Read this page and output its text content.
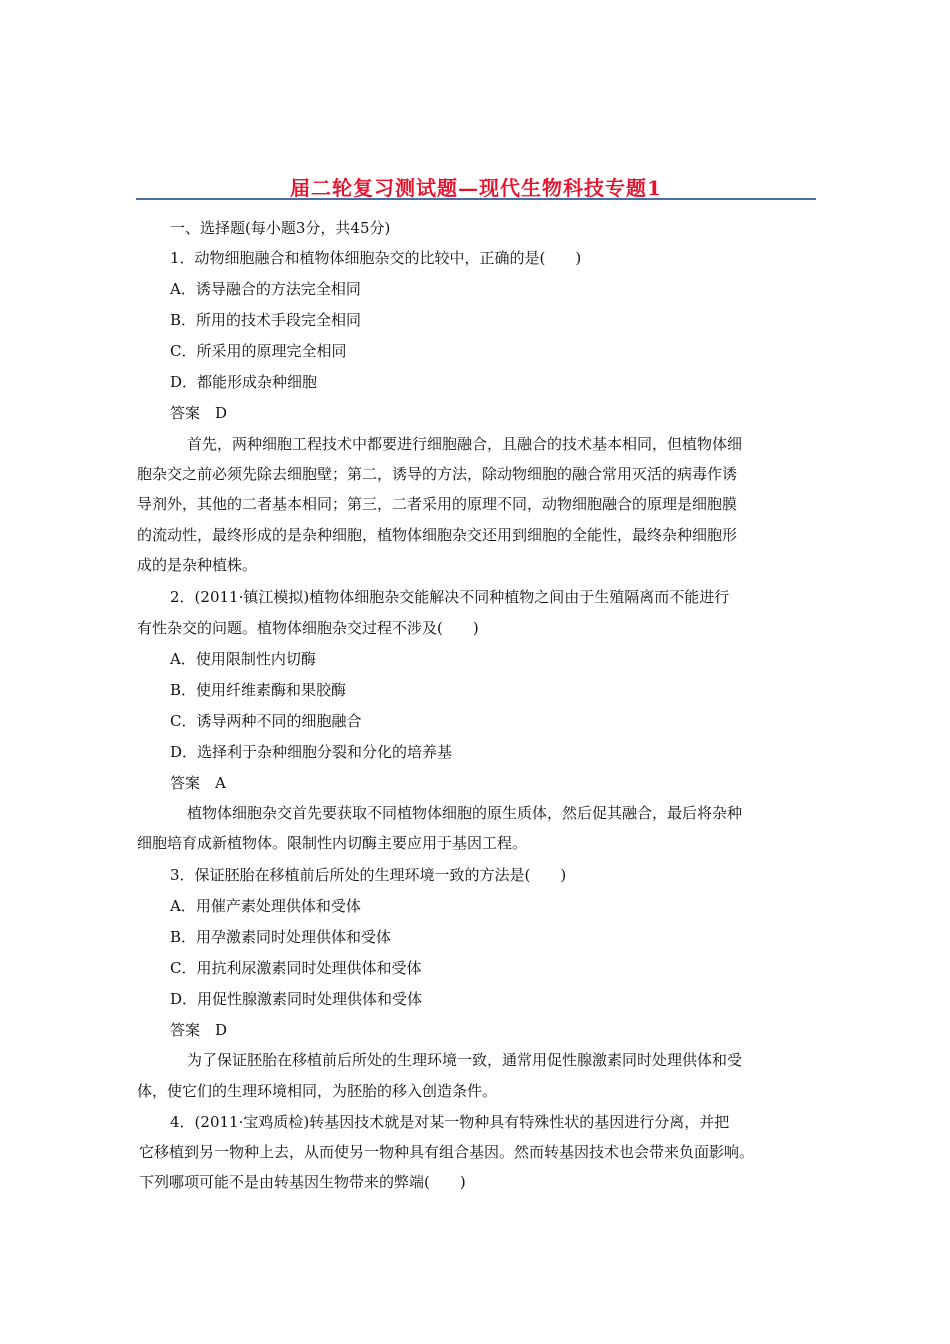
届二轮复习测试题—现代生物科技专题1
一、选择题(每小题3分，共45分)
1．动物细胞融合和植物体细胞杂交的比较中，正确的是(　　)
A．诱导融合的方法完全相同
B．所用的技术手段完全相同
C．所采用的原理完全相同
D．都能形成杂种细胞
答案　D
首先，两种细胞工程技术中都要进行细胞融合，且融合的技术基本相同，但植物体细
胞杂交之前必须先除去细胞壁；第二，诱导的方法，除动物细胞的融合常用灭活的病毒作诱
导剂外，其他的二者基本相同；第三，二者采用的原理不同，动物细胞融合的原理是细胞膜
的流动性，最终形成的是杂种细胞，植物体细胞杂交还用到细胞的全能性，最终杂种细胞形
成的是杂种植株。
2．(2011·镇江模拟)植物体细胞杂交能解决不同种植物之间由于生殖隔离而不能进行
有性杂交的问题。植物体细胞杂交过程不涉及(　　)
A．使用限制性内切酶
B．使用纤维素酶和果胶酶
C．诱导两种不同的细胞融合
D．选择利于杂种细胞分裂和分化的培养基
答案　A
植物体细胞杂交首先要获取不同植物体细胞的原生质体，然后促其融合，最后将杂种
细胞培育成新植物体。限制性内切酶主要应用于基因工程。
3．保证胚胎在移植前后所处的生理环境一致的方法是(　　)
A．用催产素处理供体和受体
B．用孕激素同时处理供体和受体
C．用抗利尿激素同时处理供体和受体
D．用促性腺激素同时处理供体和受体
答案　D
为了保证胚胎在移植前后所处的生理环境一致，通常用促性腺激素同时处理供体和受
体，使它们的生理环境相同，为胚胎的移入创造条件。
4．(2011·宝鸡质检)转基因技术就是对某一物种具有特殊性状的基因进行分离，并把
它移植到另一物种上去，从而使另一物种具有组合基因。然而转基因技术也会带来负面影响。
下列哪项可能不是由转基因生物带来的弊端(　　)
